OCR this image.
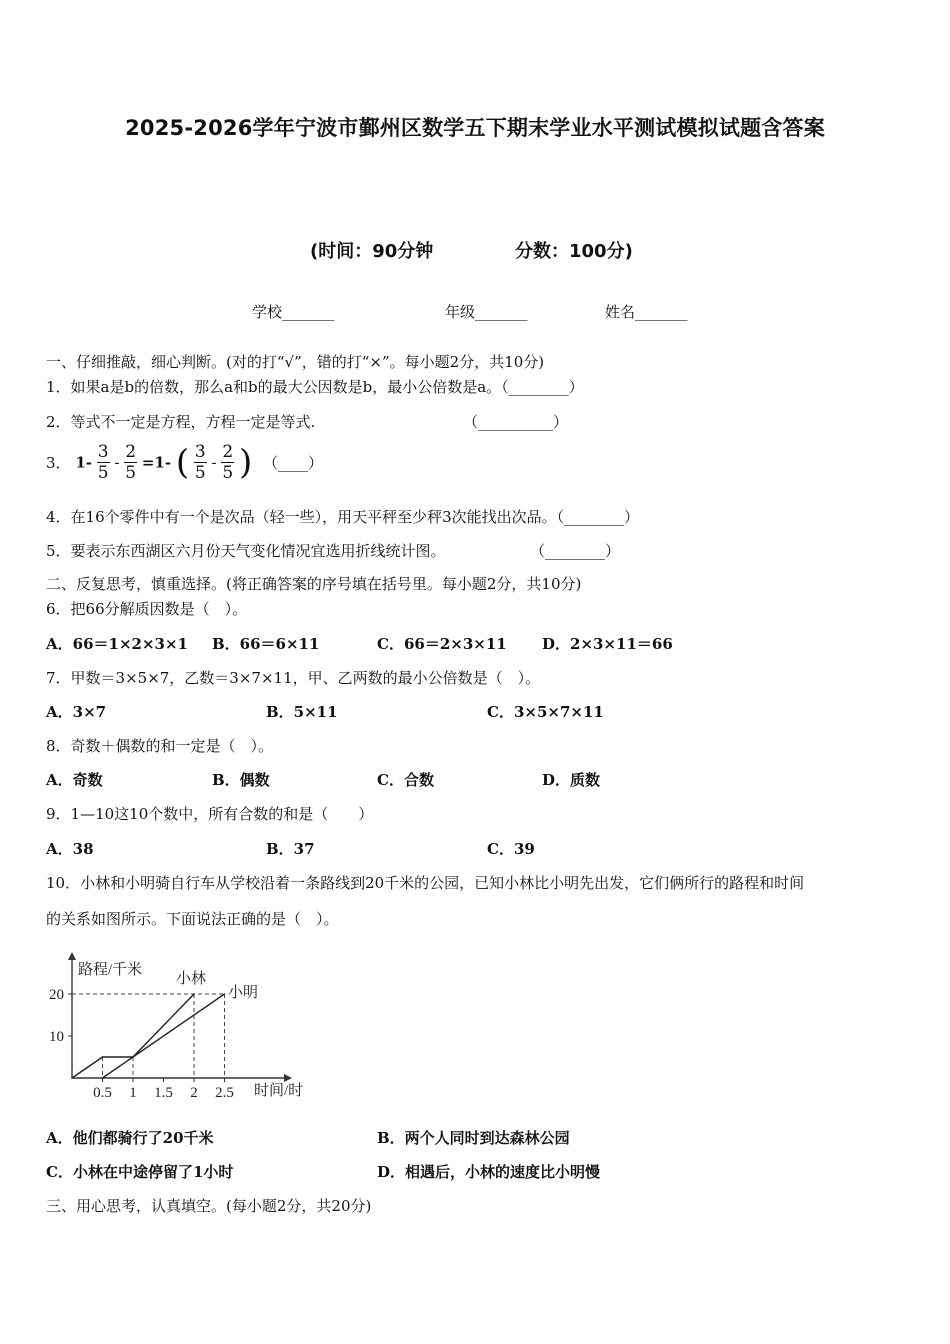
2025-2026学年宁波市鄞州区数学五下期末学业水平测试模拟试题含答案
(时间：90分钟	分数：100分)
学校_______	年级_______	姓名_______
一、仔细推敲，细心判断。(对的打“√”，错的打“×”。每小题2分，共10分)
1．如果a是b的倍数，那么a和b的最大公因数是b，最小公倍数是a。（________）
2．等式不一定是方程，方程一定是等式.	（__________）
3． $1- \frac{3}{5} - \frac{2}{5} =1-$ ( $\frac{3}{5} - \frac{2}{5}$ ) （____）
4．在16个零件中有一个是次品（轻一些），用天平秤至少秤3次能找出次品。（________）
5．要表示东西湖区六月份天气变化情况宜选用折线统计图。	（________）
二、反复思考，慎重选择。(将正确答案的序号填在括号里。每小题2分，共10分)
6．把66分解质因数是（　）。
A．66＝1×2×3×1 B．66＝6×11	C．66＝2×3×11 D．2×3×11＝66
7．甲数＝3×5×7，乙数＝3×7×11，甲、乙两数的最小公倍数是（　）。
A．3×7	B．5×11	C．3×5×7×11
8．奇数＋偶数的和一定是（　）。
A．奇数	B．偶数	C．合数	D．质数
9．1—10这10个数中，所有合数的和是（　　）
A．38	B．37	C．39
10．小林和小明骑自行车从学校沿着一条路线到20千米的公园，已知小林比小明先出发，它们俩所行的路程和时间
的关系如图所示。下面说法正确的是（　）。
路程/千米
时间/时
小林
小明
10
20
0.5 1 1.5 2 2.5
A．他们都骑行了20千米	B．两个人同时到达森林公园
C．小林在中途停留了1小时	D．相遇后，小林的速度比小明慢
三、用心思考，认真填空。(每小题2分，共20分)
